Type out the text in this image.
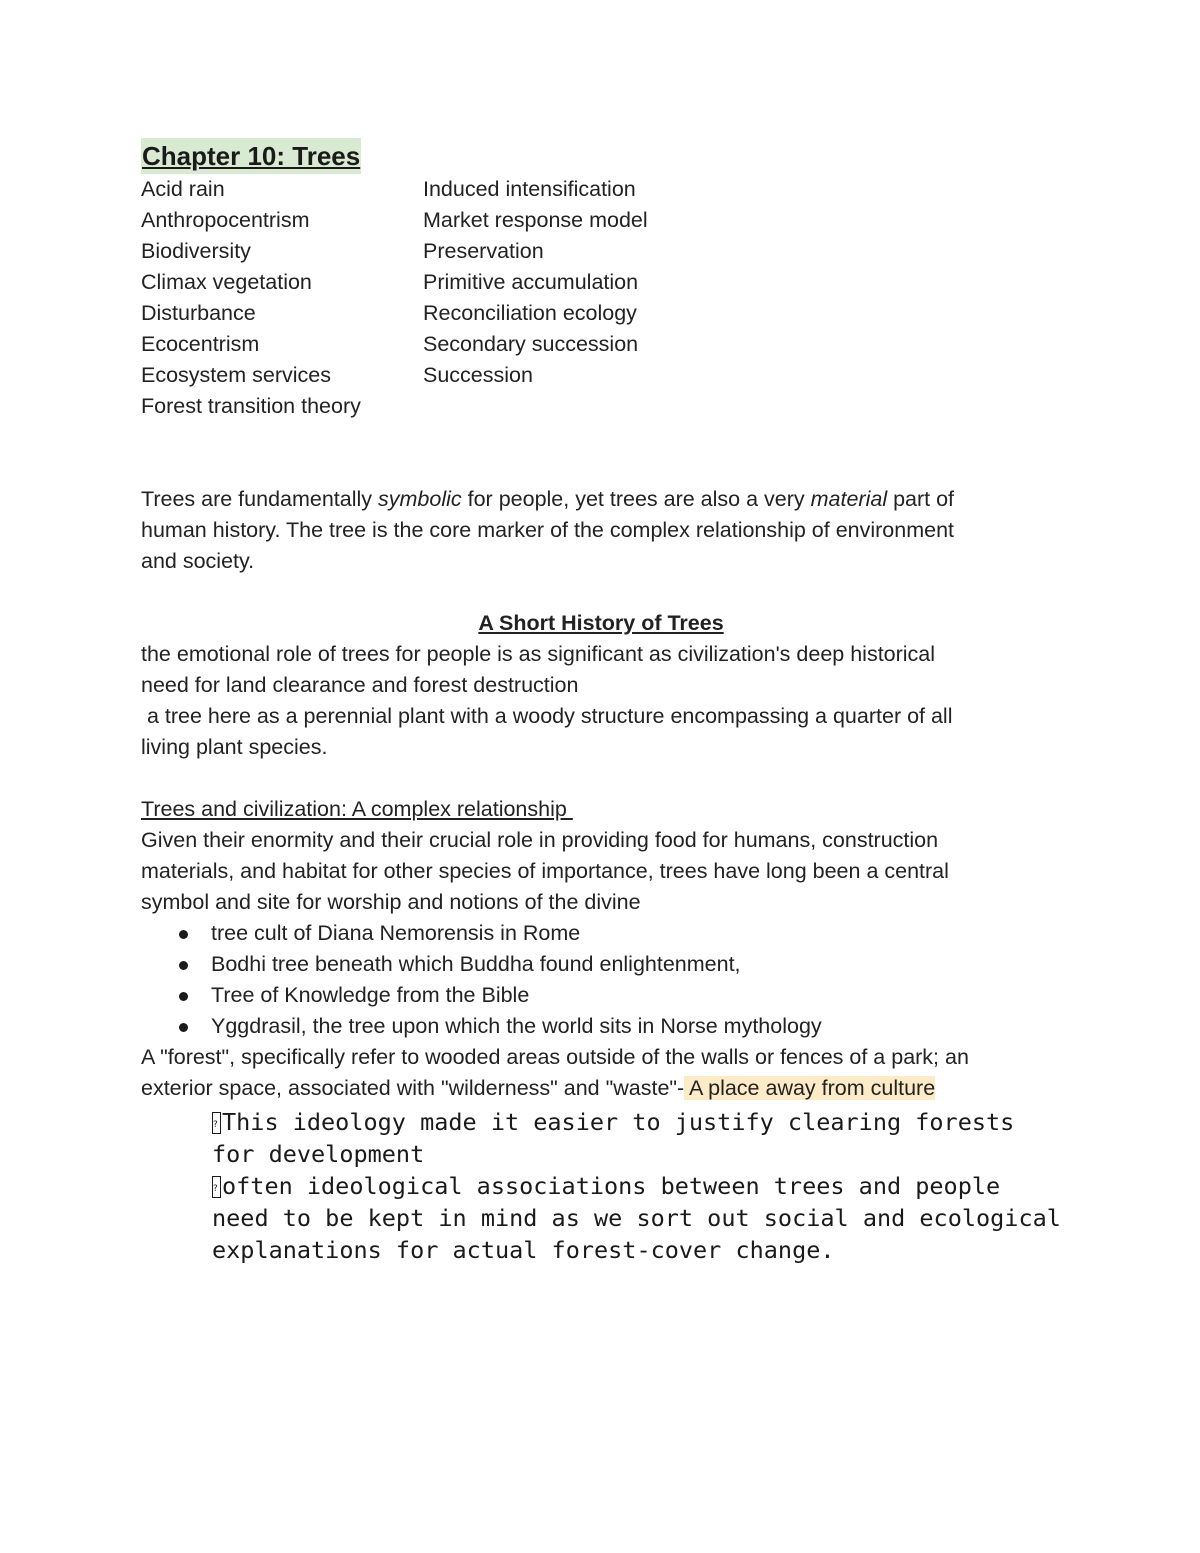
Chapter 10: Trees
Acid rain
Anthropocentrism
Biodiversity
Climax vegetation
Disturbance
Ecocentrism
Ecosystem services
Forest transition theory
Induced intensification
Market response model
Preservation
Primitive accumulation
Reconciliation ecology
Secondary succession
Succession
Trees are fundamentally symbolic for people, yet trees are also a very material part of
human history. The tree is the core marker of the complex relationship of environment
and society.
A Short History of Trees
the emotional role of trees for people is as significant as civilization's deep historical
need for land clearance and forest destruction
a tree here as a perennial plant with a woody structure encompassing a quarter of all
living plant species.
Trees and civilization: A complex relationship
Given their enormity and their crucial role in providing food for humans, construction
materials, and habitat for other species of importance, trees have long been a central
symbol and site for worship and notions of the divine
tree cult of Diana Nemorensis in Rome
Bodhi tree beneath which Buddha found enlightenment,
Tree of Knowledge from the Bible
Yggdrasil, the tree upon which the world sits in Norse mythology
A "forest", specifically refer to wooded areas outside of the walls or fences of a park; an
exterior space, associated with "wilderness" and "waste"- A place away from culture
?This ideology made it easier to justify clearing forests
for development
?often ideological associations between trees and people
need to be kept in mind as we sort out social and ecological
explanations for actual forest-cover change.
